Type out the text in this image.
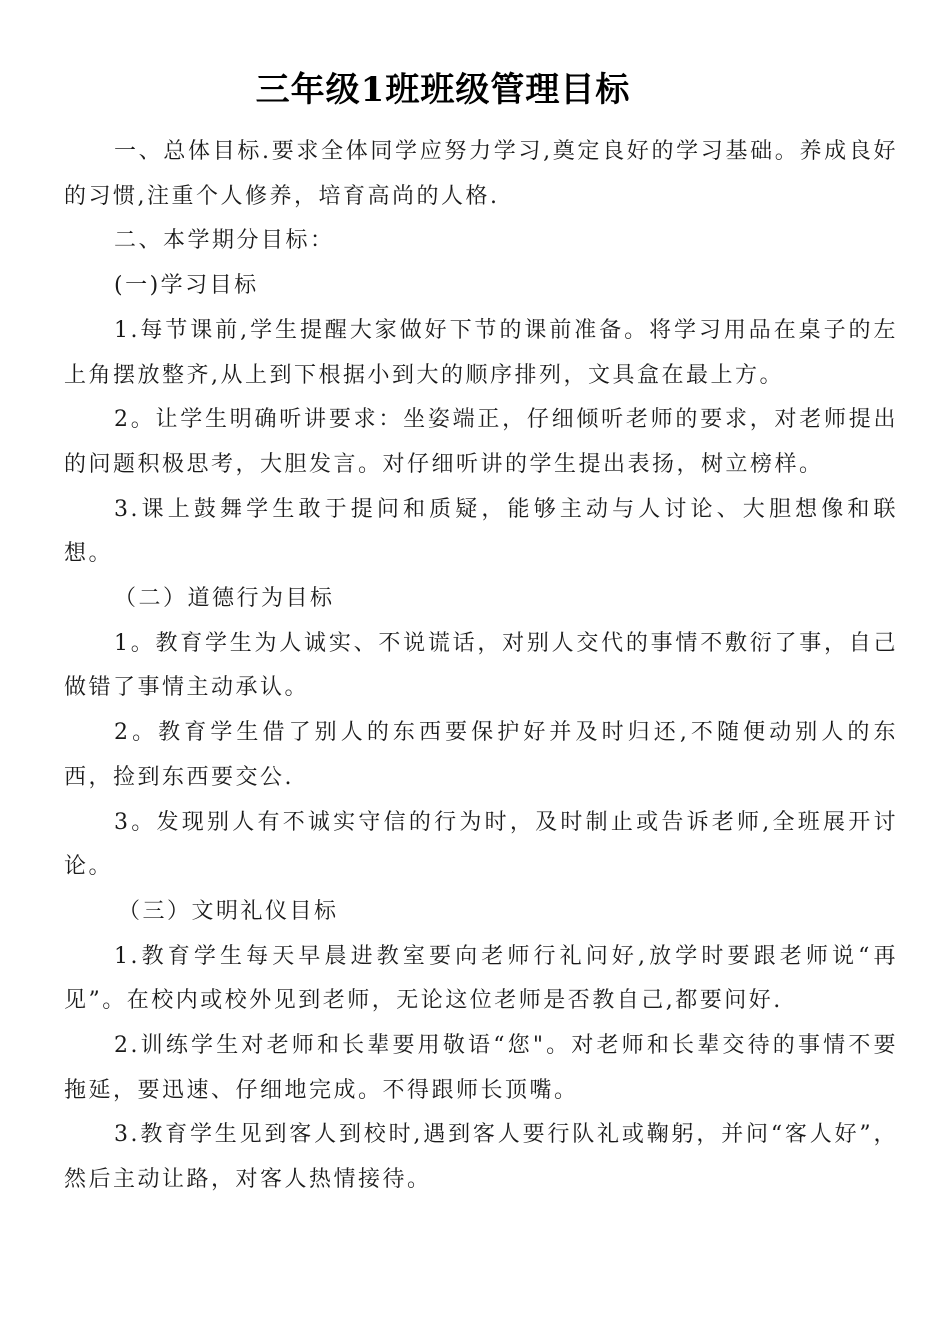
三年级1班班级管理目标

一、总体目标.要求全体同学应努力学习,奠定良好的学习基础。养成良好的习惯,注重个人修养，培育高尚的人格.

二、本学期分目标：

(一)学习目标

1.每节课前,学生提醒大家做好下节的课前准备。将学习用品在桌子的左上角摆放整齐,从上到下根据小到大的顺序排列，文具盒在最上方。

2。让学生明确听讲要求：坐姿端正，仔细倾听老师的要求，对老师提出的问题积极思考，大胆发言。对仔细听讲的学生提出表扬，树立榜样。

3.课上鼓舞学生敢于提问和质疑，能够主动与人讨论、大胆想像和联想。

（二）道德行为目标

1。教育学生为人诚实、不说谎话，对别人交代的事情不敷衍了事，自己做错了事情主动承认。

2。教育学生借了别人的东西要保护好并及时归还,不随便动别人的东西，捡到东西要交公.

3。发现别人有不诚实守信的行为时，及时制止或告诉老师,全班展开讨论。

（三）文明礼仪目标

1.教育学生每天早晨进教室要向老师行礼问好,放学时要跟老师说“再见”。在校内或校外见到老师，无论这位老师是否教自己,都要问好.

2.训练学生对老师和长辈要用敬语“您"。对老师和长辈交待的事情不要拖延，要迅速、仔细地完成。不得跟师长顶嘴。

3.教育学生见到客人到校时,遇到客人要行队礼或鞠躬，并问“客人好”，然后主动让路，对客人热情接待。
